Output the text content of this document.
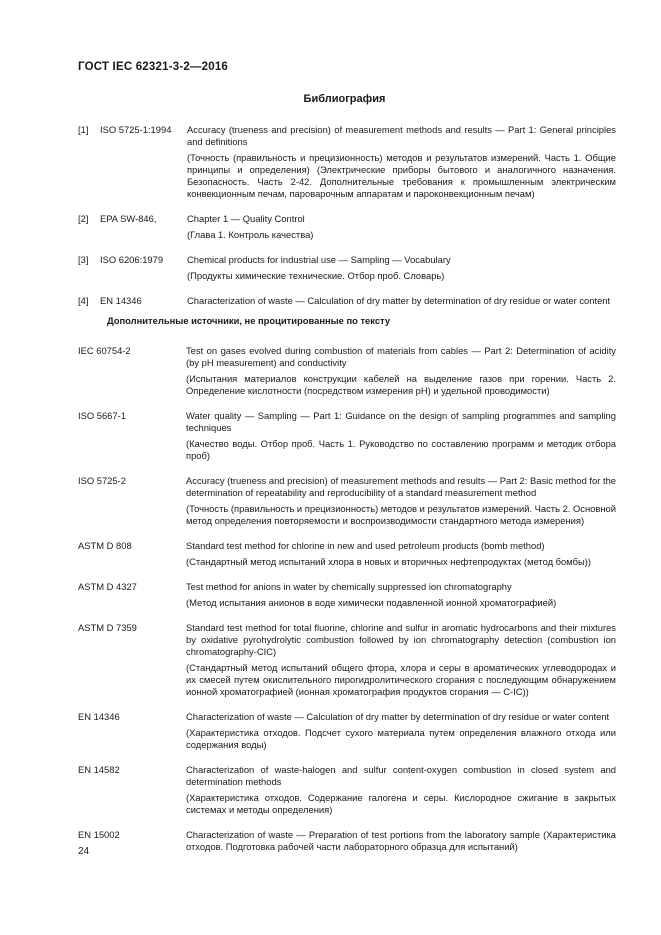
ГОСТ IEC 62321-3-2—2016
Библиография
[1]	ISO 5725-1:1994	Accuracy (trueness and precision) of measurement methods and results — Part 1: General principles and definitions

(Точность (правильность и прецизионность) методов и результатов измерений. Часть 1. Общие принципы и определения) (Электрические приборы бытового и аналогичного назначения. Безопасность. Часть 2-42. Дополнительные требования к промышленным электрическим конвекционным печам, пароварочным аппаратам и пароконвекционным печам)

[2]	EPA SW-846,	Chapter 1 — Quality Control

(Глава 1. Контроль качества)

[3]	ISO 6206:1979	Chemical products for industrial use — Sampling — Vocabulary

(Продукты химические технические. Отбор проб. Словарь)

[4]	EN 14346	Characterization of waste — Calculation of dry matter by determination of dry residue or water content

Дополнительные источники, не процитированные по тексту
IEC 60754-2	Test on gases evolved during combustion of materials from cables — Part 2: Determination of acidity (by pH measurement) and conductivity

(Испытания материалов конструкции кабелей на выделение газов при горении. Часть 2. Определение кислотности (посредством измерения pH) и удельной проводимости)

ISO 5667-1	Water quality — Sampling — Part 1: Guidance on the design of sampling programmes and sampling techniques

(Качество воды. Отбор проб. Часть 1. Руководство по составлению программ и методик отбора проб)

ISO 5725-2	Accuracy (trueness and precision) of measurement methods and results — Part 2: Basic method for the determination of repeatability and reproducibility of a standard measurement method

(Точность (правильность и прецизионность) методов и результатов измерений. Часть 2. Основной метод определения повторяемости и воспроизводимости стандартного метода измерения)

ASTM D 808	Standard test method for chlorine in new and used petroleum products (bomb method)

(Стандартный метод испытаний хлора в новых и вторичных нефтепродуктах (метод бомбы))

ASTM D 4327	Test method for anions in water by chemically suppressed ion chromatography

(Метод испытания анионов в воде химически подавленной ионной хроматографией)

ASTM D 7359	Standard test method for total fluorine, chlorine and sulfur in aromatic hydrocarbons and their mixtures by oxidative pyrohydrolytic combustion followed by ion chromatography detection (combustion ion chromatography-CIC)

(Стандартный метод испытаний общего фтора, хлора и серы в ароматических углеводородах и их смесей путем окислительного пирогидролитического сгорания с последующим обнаружением ионной хроматографией (ионная хроматография продуктов сгорания — C-IC))

EN 14346	Characterization of waste — Calculation of dry matter by determination of dry residue or water content

(Характеристика отходов. Подсчет сухого материала путем определения влажного отхода или содержания воды)

EN 14582	Characterization of waste-halogen and sulfur content-oxygen combustion in closed system and determination methods

(Характеристика отходов. Содержание галогена и серы. Кислородное сжигание в закрытых системах и методы определения)

EN 15002	Characterization of waste — Preparation of test portions from the laboratory sample (Характеристика отходов. Подготовка рабочей части лабораторного образца для испытаний)

24
